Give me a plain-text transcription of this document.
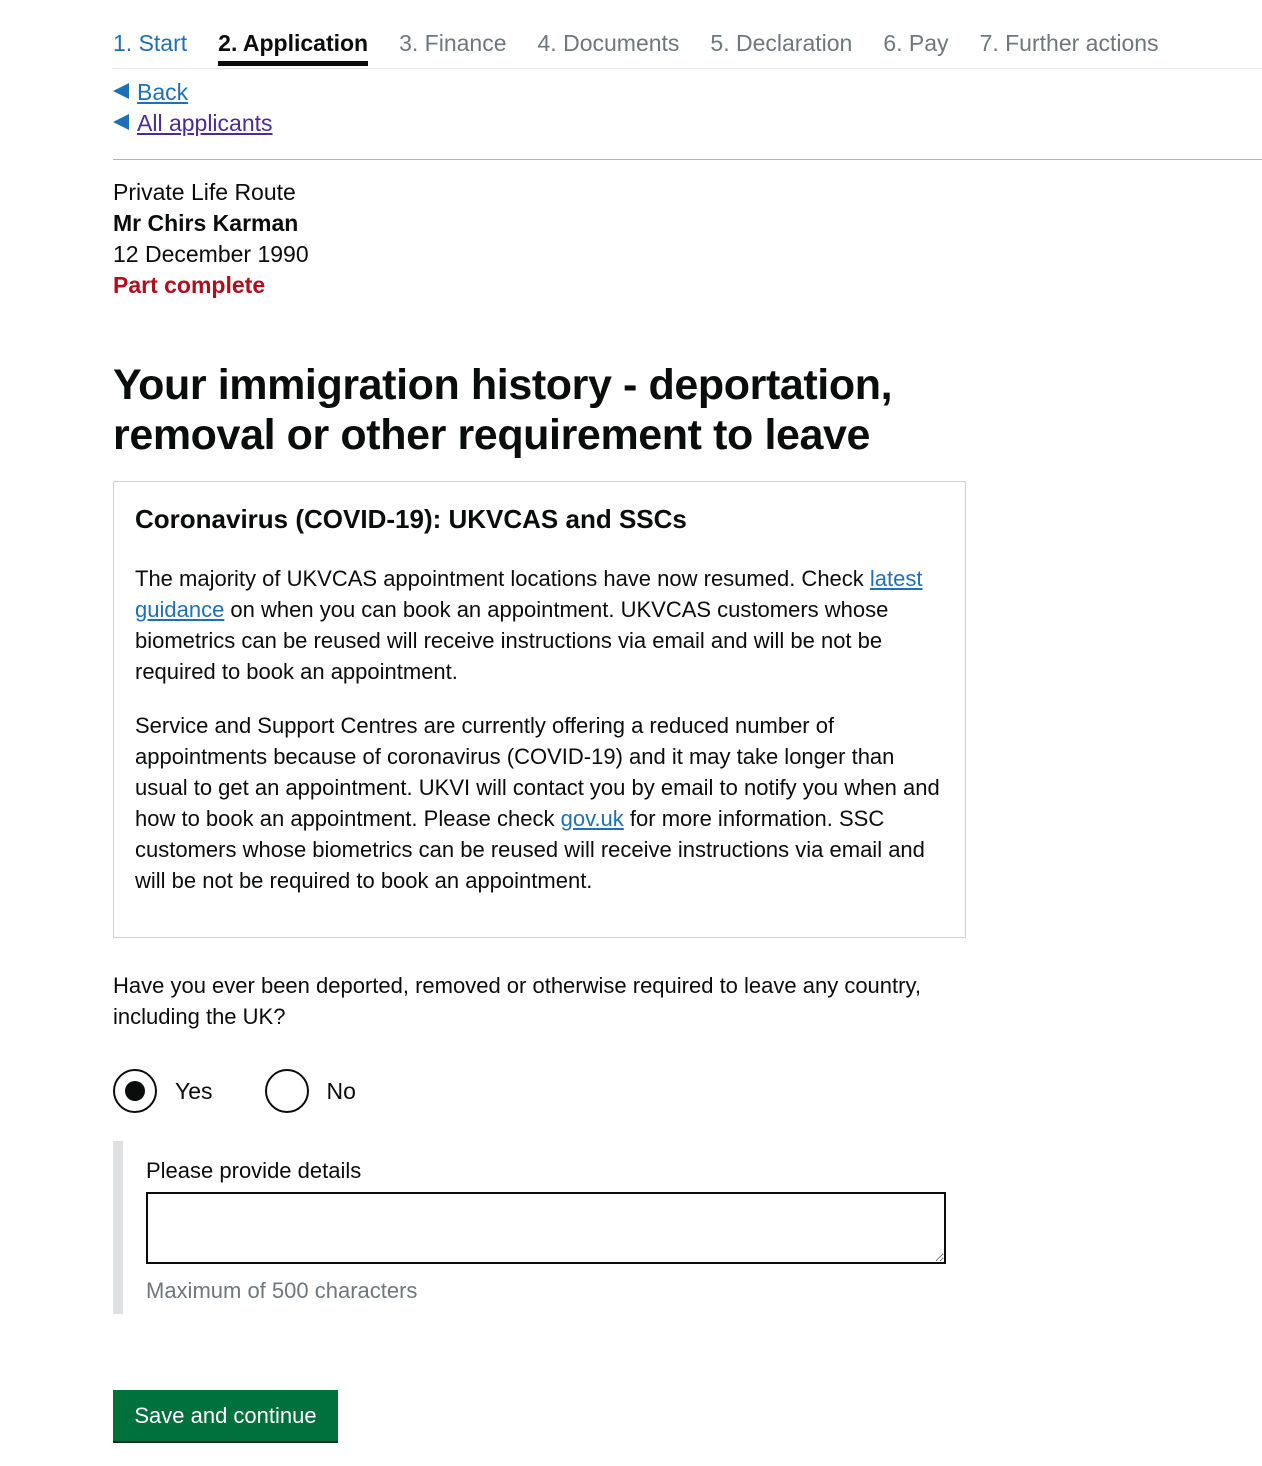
1. Start 2. Application 3. Finance 4. Documents 5. Declaration 6. Pay 7. Further actions
Back
All applicants
Private Life Route
Mr Chirs Karman
12 December 1990
Part complete
Your immigration history - deportation, removal or other requirement to leave
Coronavirus (COVID-19): UKVCAS and SSCs

The majority of UKVCAS appointment locations have now resumed. Check latest guidance on when you can book an appointment. UKVCAS customers whose biometrics can be reused will receive instructions via email and will be not be required to book an appointment.

Service and Support Centres are currently offering a reduced number of appointments because of coronavirus (COVID-19) and it may take longer than usual to get an appointment. UKVI will contact you by email to notify you when and how to book an appointment. Please check gov.uk for more information. SSC customers whose biometrics can be reused will receive instructions via email and will be not be required to book an appointment.

Have you ever been deported, removed or otherwise required to leave any country, including the UK?
Yes	No
Please provide details
Maximum of 500 characters
Save and continue
